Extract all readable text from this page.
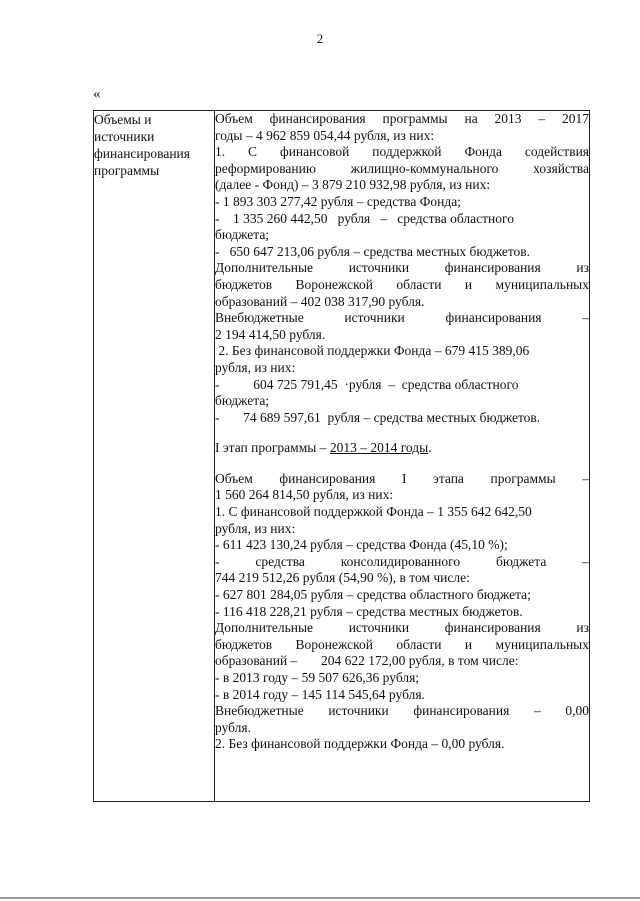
2
«
Объемы и
источники
финансирования
программы

Объем финансирования программы на 2013 – 2017
годы – 4 962 859 054,44 рубля, из них:
1. С финансовой поддержкой Фонда содействия
реформированию жилищно-коммунального хозяйства
(далее - Фонд) – 3 879 210 932,98 рубля, из них:
- 1 893 303 277,42 рубля – средства Фонда;
-    1 335 260 442,50   рубля   –   средства областного
бюджета;
-   650 647 213,06 рубля – средства местных бюджетов.
Дополнительные источники финансирования из
бюджетов Воронежской области и муниципальных
образований – 402 038 317,90 рубля.
Внебюджетные источники финансирования –
2 194 414,50 рубля.
2. Без финансовой поддержки Фонда – 679 415 389,06
рубля, из них:
-          604 725 791,45  ·рубля  –  средства областного
бюджета;
-       74 689 597,61  рубля – средства местных бюджетов.
I этап программы – 2013 – 2014 годы.
Объем финансирования I этапа программы –
1 560 264 814,50 рубля, из них:
1. С финансовой поддержкой Фонда – 1 355 642 642,50
рубля, из них:
- 611 423 130,24 рубля – средства Фонда (45,10 %);
- средства консолидированного бюджета –
744 219 512,26 рубля (54,90 %), в том числе:
- 627 801 284,05 рубля – средства областного бюджета;
- 116 418 228,21 рубля – средства местных бюджетов.
Дополнительные источники финансирования из
бюджетов Воронежской области и муниципальных
образований –       204 622 172,00 рубля, в том числе:
- в 2013 году – 59 507 626,36 рубля;
- в 2014 году – 145 114 545,64 рубля.
Внебюджетные источники финансирования – 0,00
рубля.
2. Без финансовой поддержки Фонда – 0,00 рубля.
